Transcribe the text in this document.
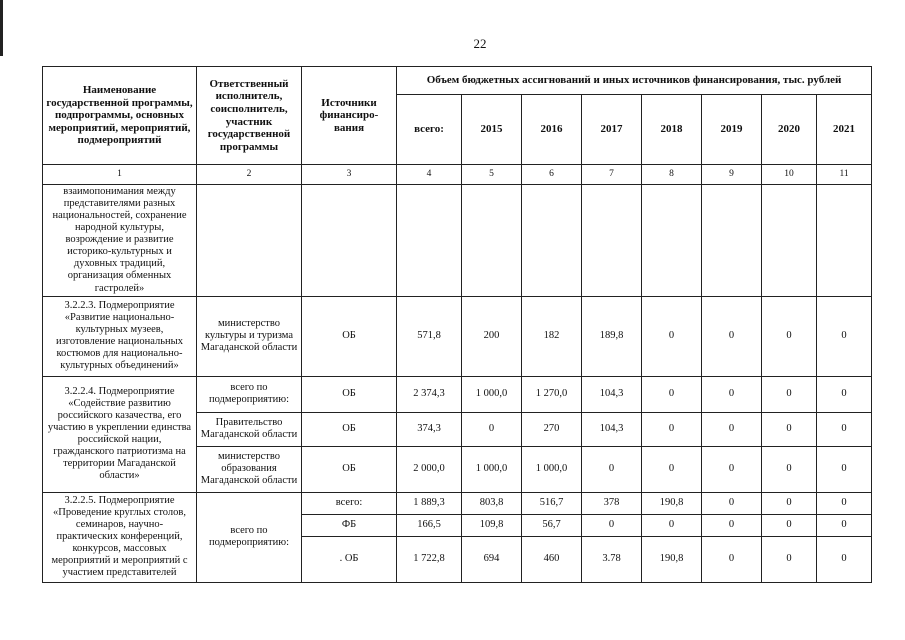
22
Наименование государственной программы, подпрограммы, основных мероприятий, мероприятий, подмероприятий	Ответственный исполнитель, соисполнитель, участник государственной программы	Источники финансиро-вания	Объем бюджетных ассигнований и иных источников финансирования, тыс. рублей							
			всего:	2015	2016	2017	2018	2019	2020	2021
1	2	3	4	5	6	7	8	9	10	11
взаимопонимания между представителями разных национальностей, сохранение народной культуры, возрождение и развитие историко-культурных и духовных традиций, организация обменных гастролей»										
3.2.2.3. Подмероприятие «Развитие национально-культурных музеев, изготовление национальных костюмов для национально-культурных объединений»	министерство культуры и туризма Магаданской области	ОБ	571,8	200	182	189,8	0	0	0	0
3.2.2.4. Подмероприятие «Содействие развитию российского казачества, его участию в укреплении единства российской нации, гражданского патриотизма на территории Магаданской области»	всего по подмероприятию:	ОБ	2 374,3	1 000,0	1 270,0	104,3	0	0	0	0
	Правительство Магаданской области	ОБ	374,3	0	270	104,3	0	0	0	0
	министерство образования Магаданской области	ОБ	2 000,0	1 000,0	1 000,0	0	0	0	0	0
3.2.2.5. Подмероприятие «Проведение круглых столов, семинаров, научно-практических конференций, конкурсов, массовых мероприятий и мероприятий с участием представителей	всего по подмероприятию:	всего:	1 889,3	803,8	516,7	378	190,8	0	0	0
		ФБ	166,5	109,8	56,7	0	0	0	0	0
		. ОБ	1 722,8	694	460	3.78	190,8	0	0	0
